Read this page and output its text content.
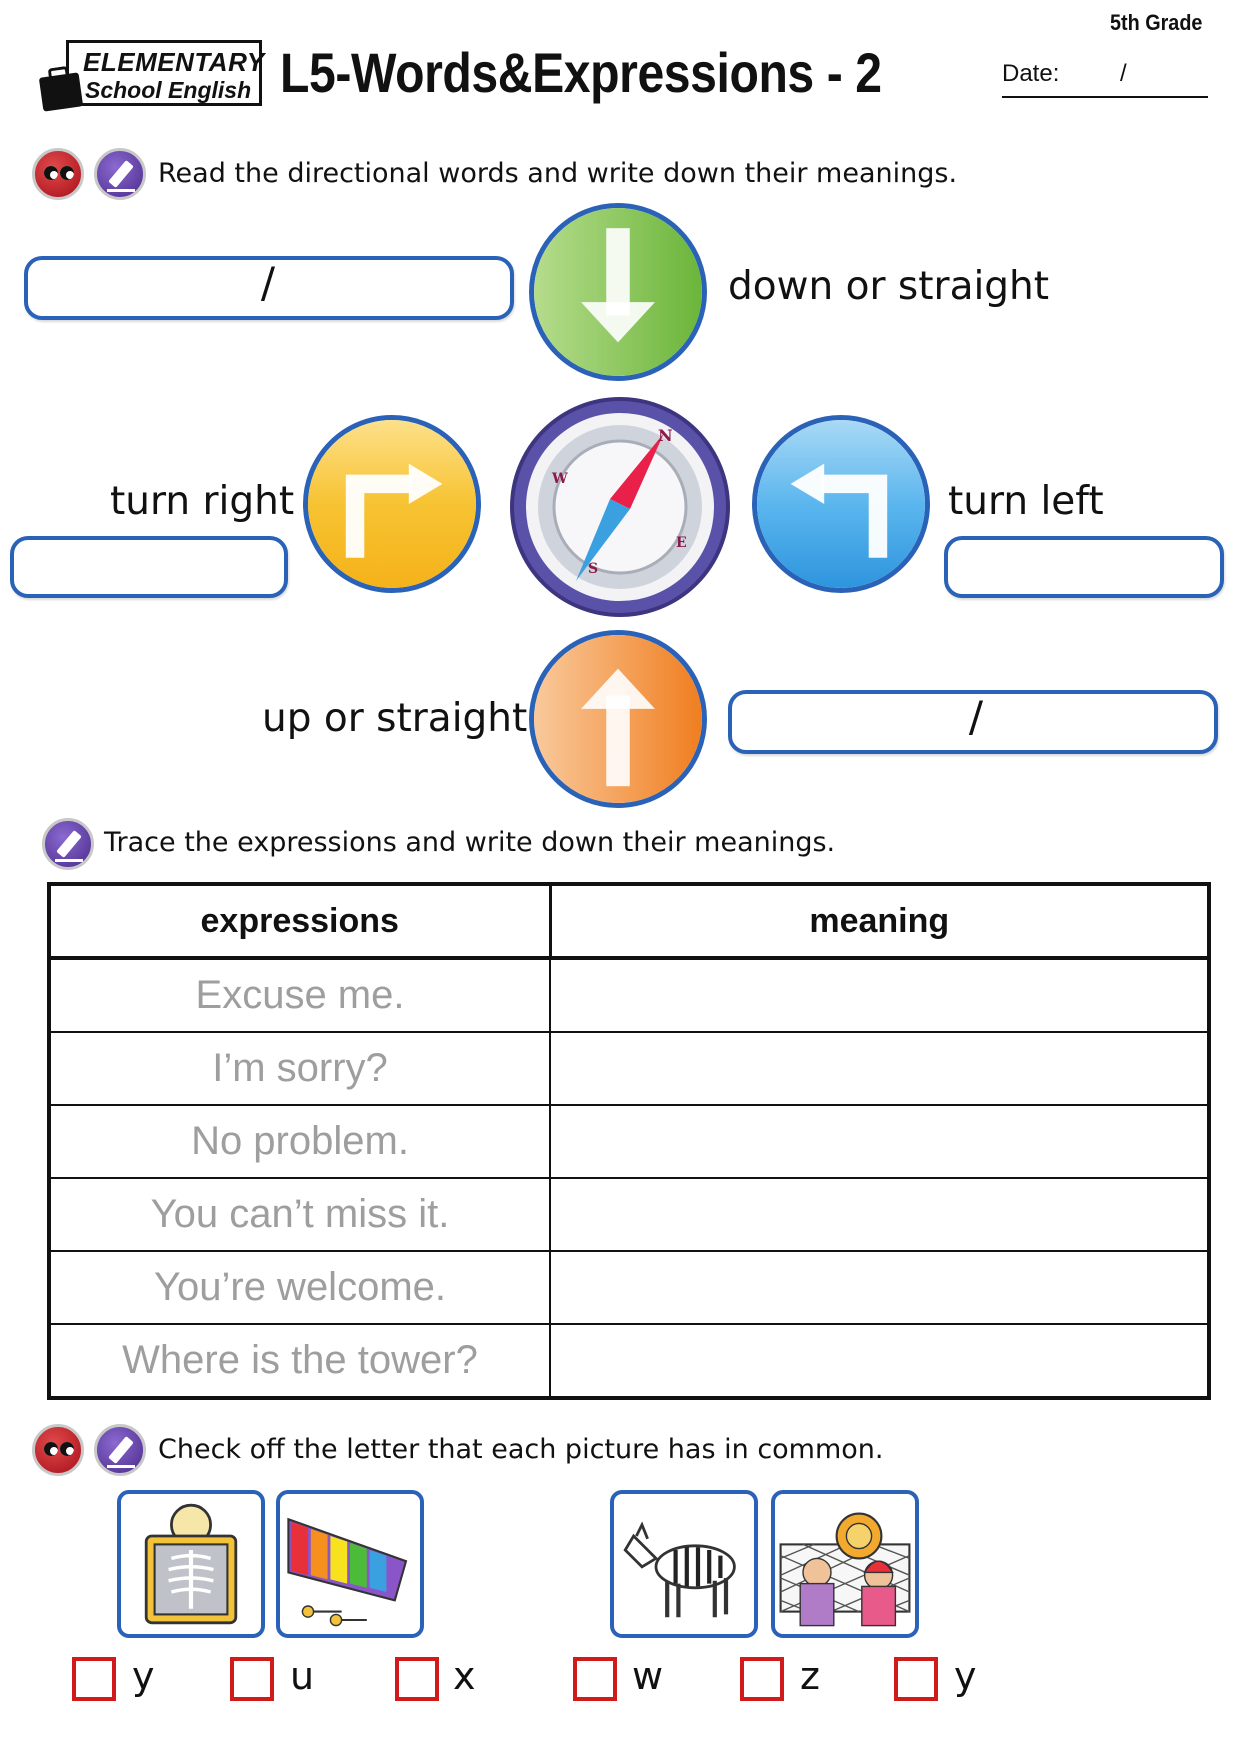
ELEMENTARY
School English L5-Words&Expressions - 2
5th Grade
Date:	/
Read the directional words and write down their meanings.
/	down or straight
turn right
N
E
S
W	turn left
up or straight	/
Trace the expressions and write down their meanings.
expressions	meaning
Excuse me.	
I’m sorry?	
No problem.	
You can’t miss it.	
You’re welcome.	
Where is the tower?	
Check off the letter that each picture has in common.
y	u	x	w	z	y
